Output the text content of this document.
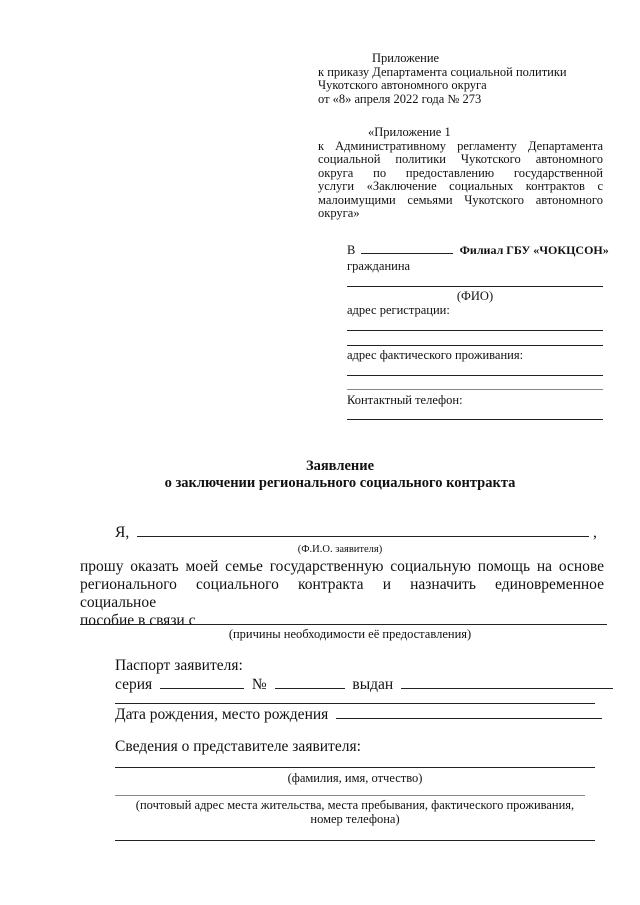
Приложение
к приказу Департамента социальной политики
Чукотского автономного округа
от «8» апреля 2022 года № 273
«Приложение 1
к Административному регламенту Департамента
социальной политики Чукотского автономного
округа по предоставлению государственной
услуги «Заключение социальных контрактов с
малоимущими семьями Чукотского автономного
округа»
В	Филиал ГБУ «ЧОКЦСОН»
гражданина
(ФИО)
адрес регистрации:
адрес фактического проживания:
Контактный телефон:
Заявление
о заключении регионального социального контракта
Я,	,
(Ф.И.О. заявителя)
прошу оказать моей семье государственную социальную помощь на основе
регионального социального контракта и назначить единовременное социальное
пособие в связи с
(причины необходимости её предоставления)
Паспорт заявителя:
серия	№	выдан
Дата рождения, место рождения
Сведения о представителе заявителя:
(фамилия, имя, отчество)
(почтовый адрес места жительства, места пребывания, фактического проживания,
номер телефона)
